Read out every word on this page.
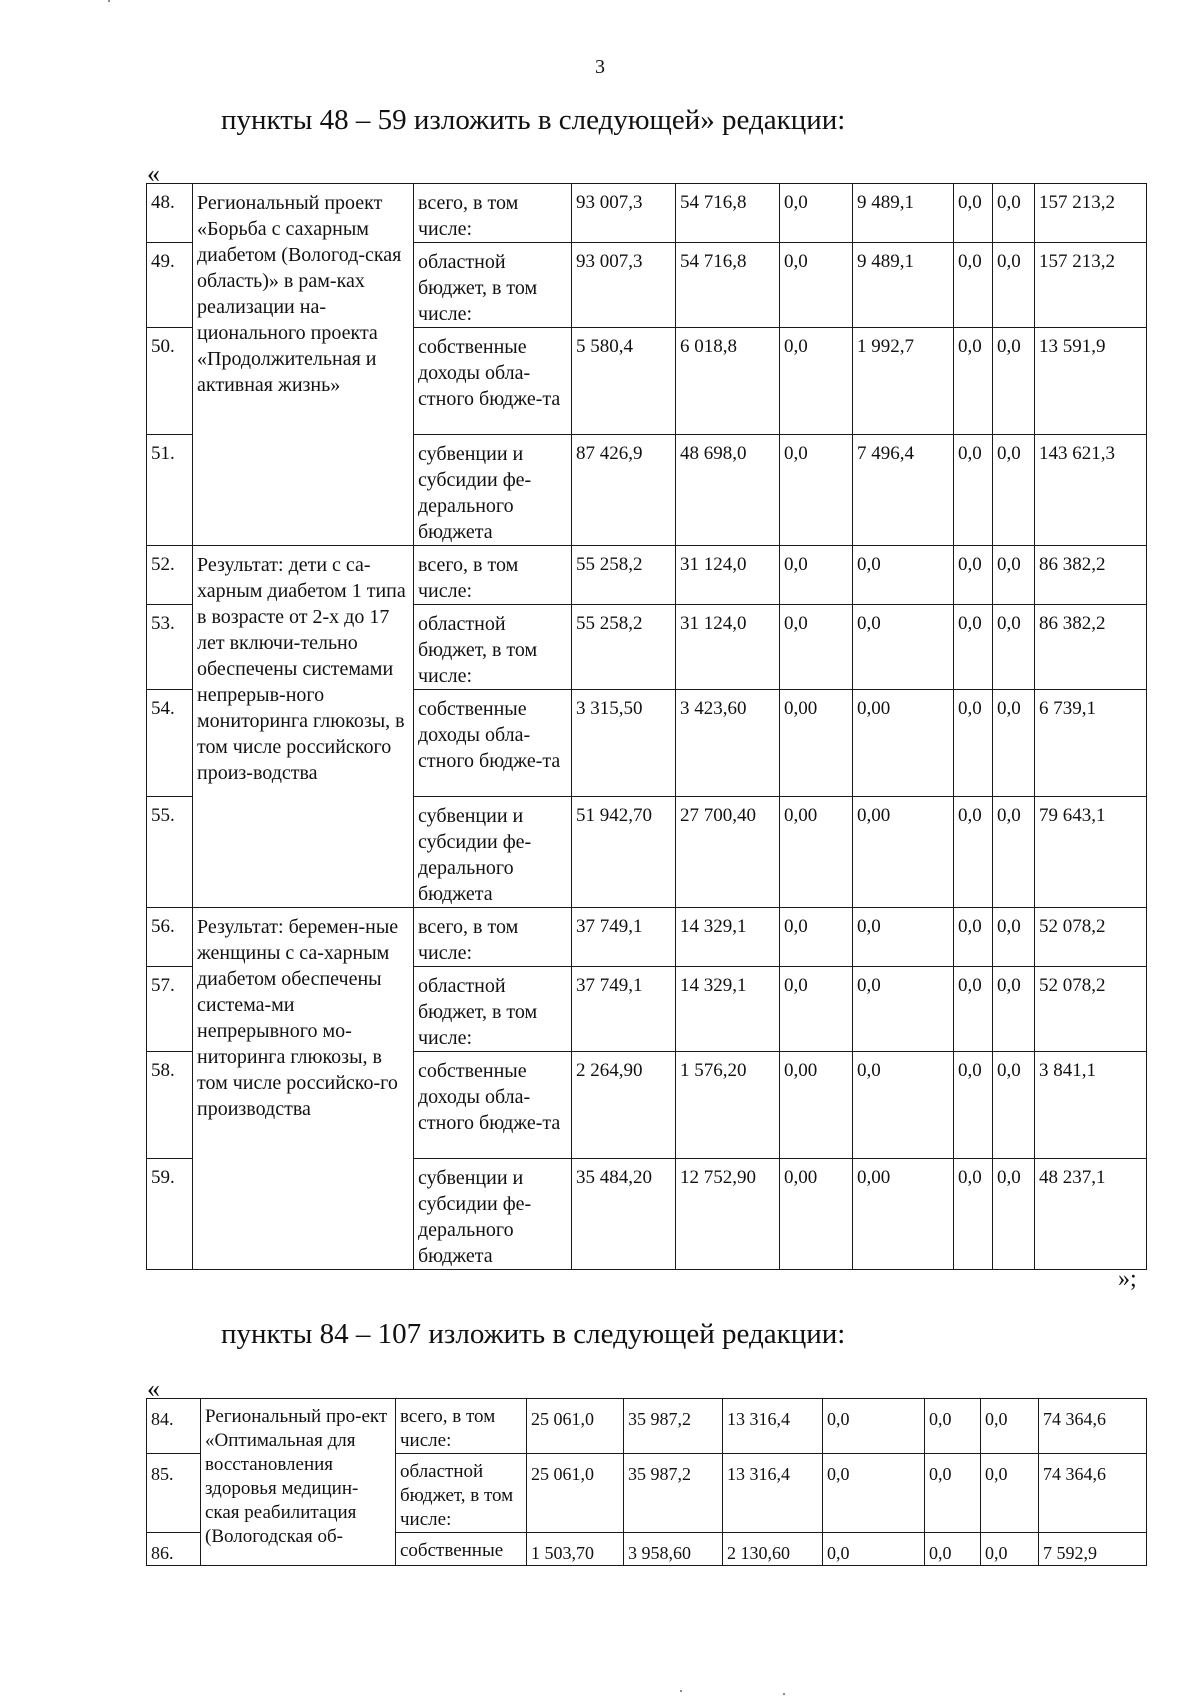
3
пункты 48 – 59 изложить в следующей» редакции:
«
48.	Региональный проект «Борьба с сахарным диабетом (Вологод-ская область)» в рам-ках реализации на-ционального проекта «Продолжительная и активная жизнь»	всего, в том числе:	93 007,3	54 716,8	0,0	9 489,1	0,0	0,0	157 213,2
49.		областной бюджет, в том числе:	93 007,3	54 716,8	0,0	9 489,1	0,0	0,0	157 213,2
50.		собственные доходы обла-стного бюдже-та	5 580,4	6 018,8	0,0	1 992,7	0,0	0,0	13 591,9
51.		субвенции и субсидии фе-дерального бюджета	87 426,9	48 698,0	0,0	7 496,4	0,0	0,0	143 621,3
52.	Результат: дети с са-харным диабетом 1 типа в возрасте от 2-х до 17 лет включи-тельно обеспечены системами непрерыв-ного мониторинга глюкозы, в том числе российского произ-водства	всего, в том числе:	55 258,2	31 124,0	0,0	0,0	0,0	0,0	86 382,2
53.		областной бюджет, в том числе:	55 258,2	31 124,0	0,0	0,0	0,0	0,0	86 382,2
54.		собственные доходы обла-стного бюдже-та	3 315,50	3 423,60	0,00	0,00	0,0	0,0	6 739,1
55.		субвенции и субсидии фе-дерального бюджета	51 942,70	27 700,40	0,00	0,00	0,0	0,0	79 643,1
56.	Результат: беремен-ные женщины с са-харным диабетом обеспечены система-ми непрерывного мо-ниторинга глюкозы, в том числе российско-го производства	всего, в том числе:	37 749,1	14 329,1	0,0	0,0	0,0	0,0	52 078,2
57.		областной бюджет, в том числе:	37 749,1	14 329,1	0,0	0,0	0,0	0,0	52 078,2
58.		собственные доходы обла-стного бюдже-та	2 264,90	1 576,20	0,00	0,0	0,0	0,0	3 841,1
59.		субвенции и субсидии фе-дерального бюджета	35 484,20	12 752,90	0,00	0,00	0,0	0,0	48 237,1
»;
пункты 84 – 107 изложить в следующей редакции:
«
84.	Региональный про-ект «Оптимальная для восстановления здоровья медицин-ская реабилитация (Вологодская об-	всего, в том числе:	25 061,0	35 987,2	13 316,4	0,0	0,0	0,0	74 364,6
85.		областной бюджет, в том числе:	25 061,0	35 987,2	13 316,4	0,0	0,0	0,0	74 364,6
86.		собственные	1 503,70	3 958,60	2 130,60	0,0	0,0	0,0	7 592,9
